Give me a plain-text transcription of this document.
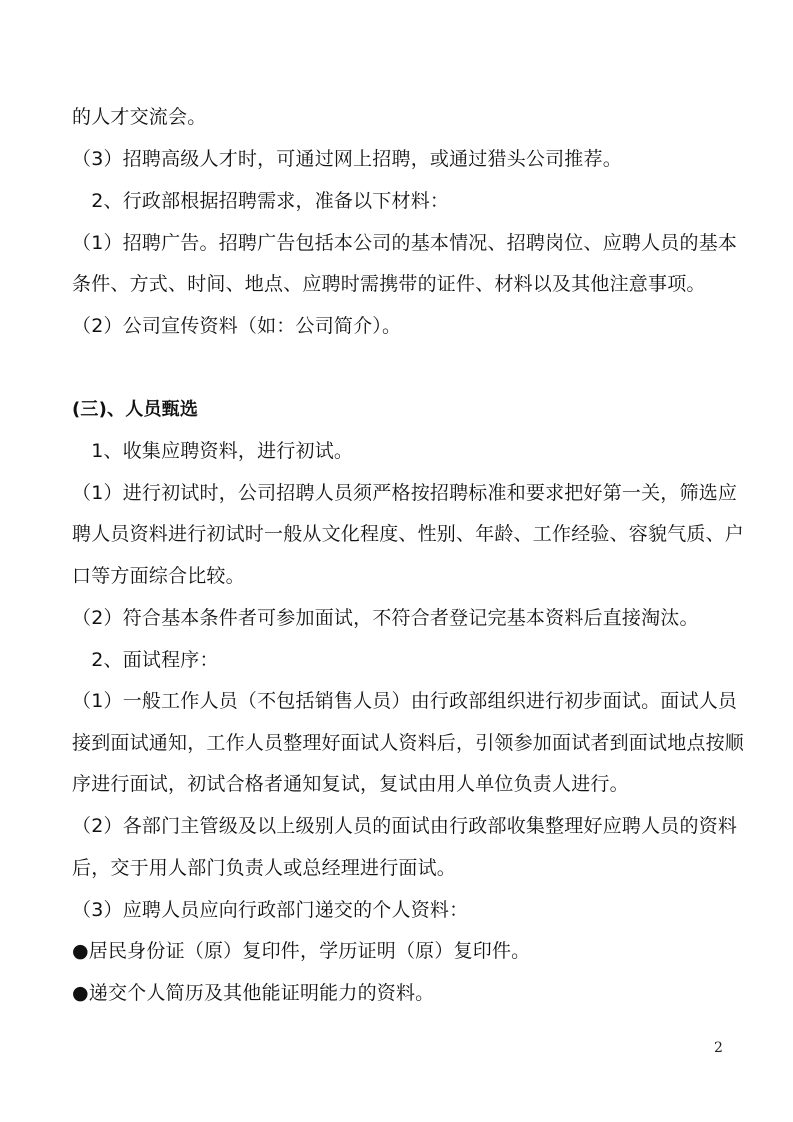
的人才交流会。
（3）招聘高级人才时，可通过网上招聘，或通过猎头公司推荐。
　2、行政部根据招聘需求，准备以下材料：
（1）招聘广告。招聘广告包括本公司的基本情况、招聘岗位、应聘人员的基本
条件、方式、时间、地点、应聘时需携带的证件、材料以及其他注意事项。
（2）公司宣传资料（如：公司简介）。
(三)、人员甄选
　1、收集应聘资料，进行初试。
（1）进行初试时，公司招聘人员须严格按招聘标准和要求把好第一关，筛选应
聘人员资料进行初试时一般从文化程度、性别、年龄、工作经验、容貌气质、户
口等方面综合比较。
（2）符合基本条件者可参加面试，不符合者登记完基本资料后直接淘汰。
　2、面试程序：
（1）一般工作人员（不包括销售人员）由行政部组织进行初步面试。面试人员
接到面试通知，工作人员整理好面试人资料后，引领参加面试者到面试地点按顺
序进行面试，初试合格者通知复试，复试由用人单位负责人进行。
（2）各部门主管级及以上级别人员的面试由行政部收集整理好应聘人员的资料
后，交于用人部门负责人或总经理进行面试。
（3）应聘人员应向行政部门递交的个人资料：
●居民身份证（原）复印件，学历证明（原）复印件。
●递交个人简历及其他能证明能力的资料。
2
